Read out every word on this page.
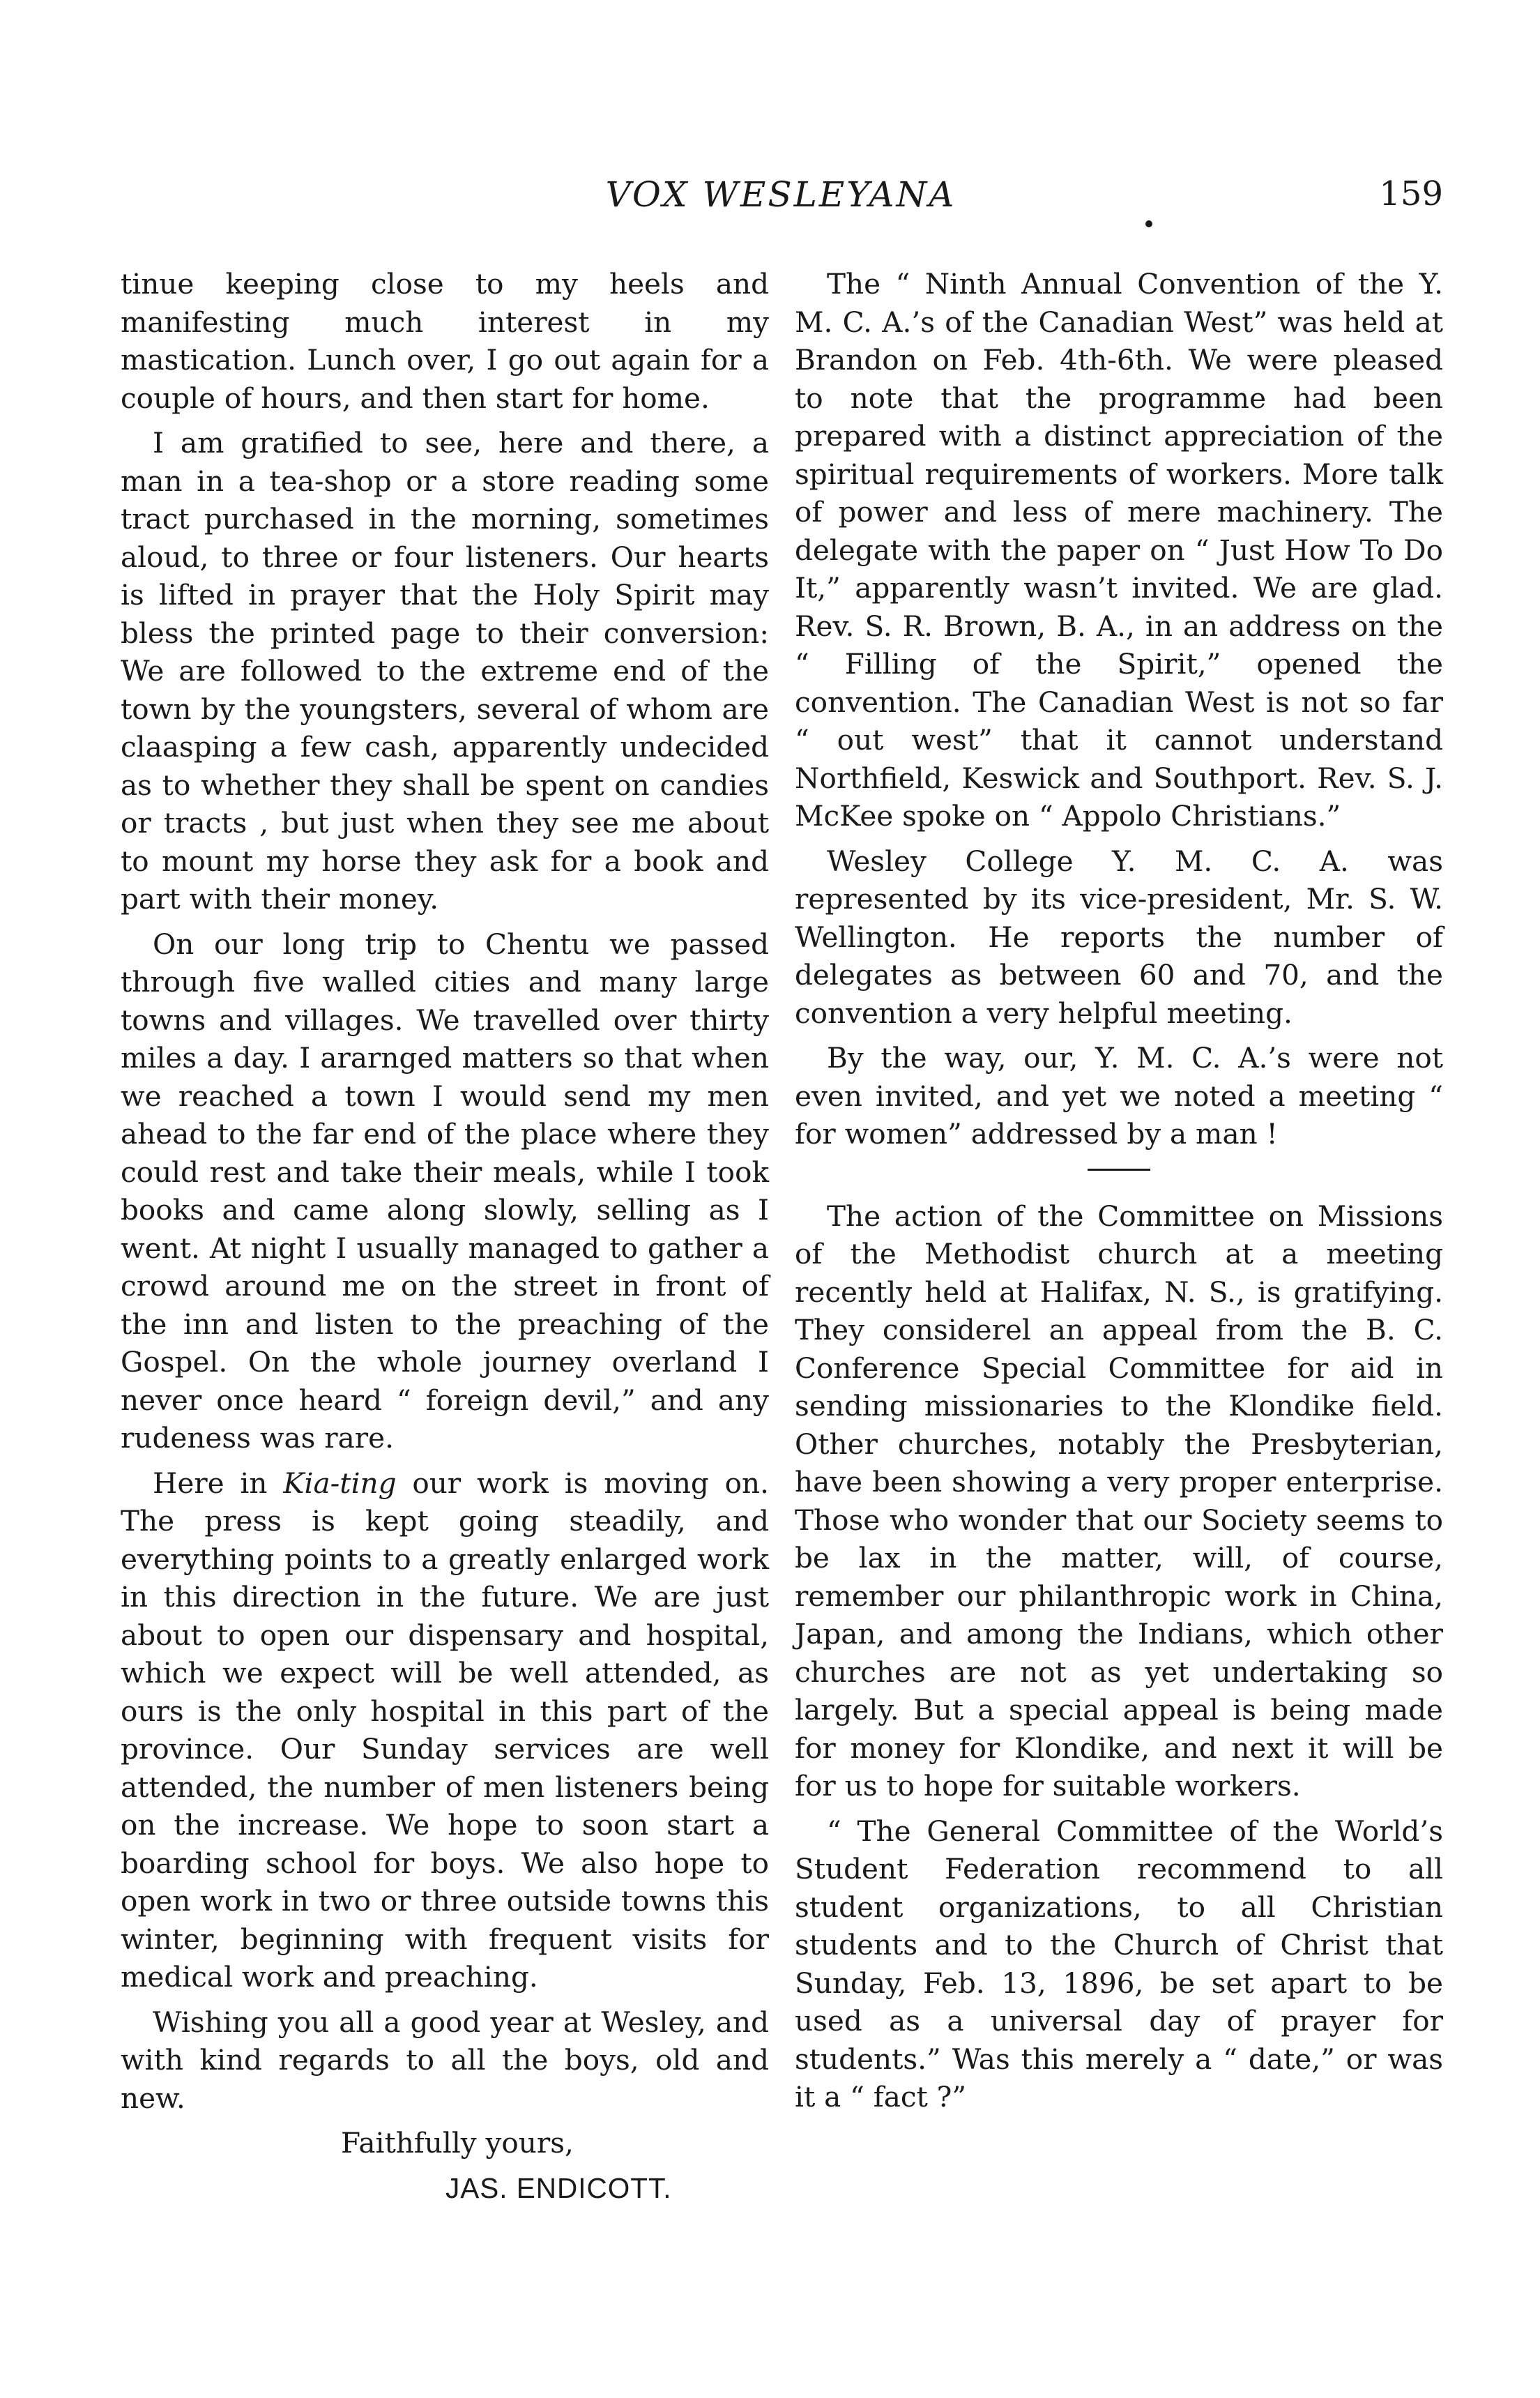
VOX WESLEYANA	159

tinue keeping close to my heels and manifesting much interest in my mastication. Lunch over, I go out again for a couple of hours, and then start for home.

I am gratified to see, here and there, a man in a tea-shop or a store reading some tract purchased in the morning, sometimes aloud, to three or four listeners. Our hearts is lifted in prayer that the Holy Spirit may bless the printed page to their conversion: We are followed to the extreme end of the town by the youngsters, several of whom are claasping a few cash, apparently undecided as to whether they shall be spent on candies or tracts , but just when they see me about to mount my horse they ask for a book and part with their money.

On our long trip to Chentu we passed through five walled cities and many large towns and villages. We travelled over thirty miles a day. I ararnged matters so that when we reached a town I would send my men ahead to the far end of the place where they could rest and take their meals, while I took books and came along slowly, selling as I went. At night I usually managed to gather a crowd around me on the street in front of the inn and listen to the preaching of the Gospel. On the whole journey overland I never once heard “ foreign devil,” and any rudeness was rare.

Here in Kia-ting our work is moving on. The press is kept going steadily, and everything points to a greatly enlarged work in this direction in the future. We are just about to open our dispensary and hospital, which we expect will be well attended, as ours is the only hospital in this part of the province. Our Sunday services are well attended, the number of men listeners being on the increase. We hope to soon start a boarding school for boys. We also hope to open work in two or three outside towns this winter, beginning with frequent visits for medical work and preaching.

Wishing you all a good year at Wesley, and with kind regards to all the boys, old and new.

Faithfully yours,

JAS. ENDICOTT.

The “ Ninth Annual Convention of the Y. M. C. A.’s of the Canadian West” was held at Brandon on Feb. 4th-6th. We were pleased to note that the programme had been prepared with a distinct appreciation of the spiritual requirements of workers. More talk of power and less of mere machinery. The delegate with the paper on “ Just How To Do It,” apparently wasn’t invited. We are glad. Rev. S. R. Brown, B. A., in an address on the “ Filling of the Spirit,” opened the convention. The Canadian West is not so far “ out west” that it cannot understand Northfield, Keswick and Southport. Rev. S. J. McKee spoke on “ Appolo Christians.”

Wesley College Y. M. C. A. was represented by its vice-president, Mr. S. W. Wellington. He reports the number of delegates as between 60 and 70, and the convention a very helpful meeting.

By the way, our, Y. M. C. A.’s were not even invited, and yet we noted a meeting “ for women” addressed by a man !

The action of the Committee on Missions of the Methodist church at a meeting recently held at Halifax, N. S., is gratifying. They considerel an appeal from the B. C. Conference Special Committee for aid in sending missionaries to the Klondike field. Other churches, notably the Presbyterian, have been showing a very proper enterprise. Those who wonder that our Society seems to be lax in the matter, will, of course, remember our philanthropic work in China, Japan, and among the Indians, which other churches are not as yet undertaking so largely. But a special appeal is being made for money for Klondike, and next it will be for us to hope for suitable workers.

“ The General Committee of the World’s Student Federation recommend to all student organizations, to all Christian students and to the Church of Christ that Sunday, Feb. 13, 1896, be set apart to be used as a universal day of prayer for students.” Was this merely a “ date,” or was it a “ fact ?”
